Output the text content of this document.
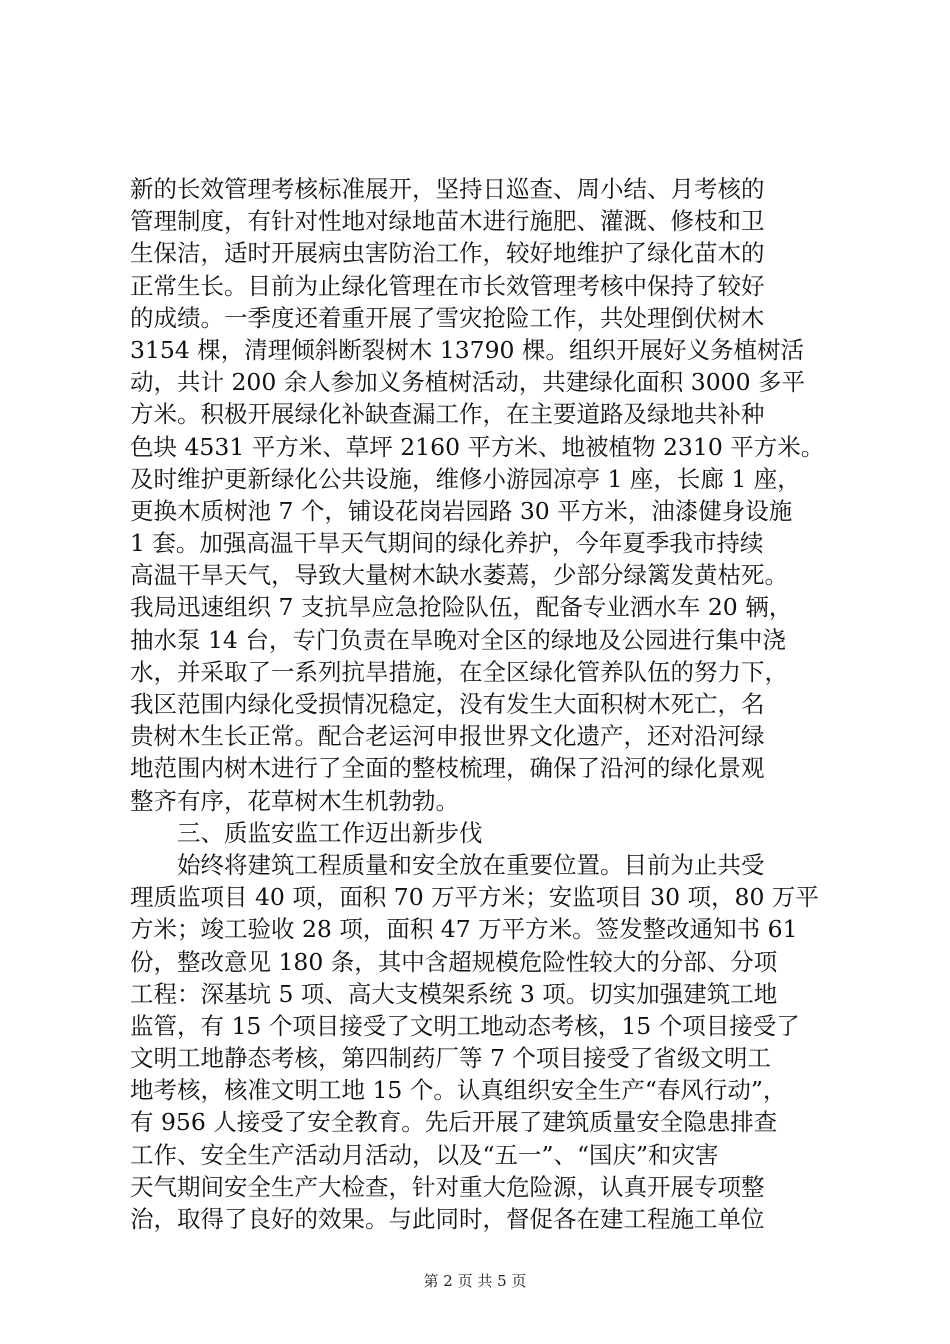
新的长效管理考核标准展开，坚持日巡查、周小结、月考核的
管理制度，有针对性地对绿地苗木进行施肥、灌溉、修枝和卫
生保洁，适时开展病虫害防治工作，较好地维护了绿化苗木的
正常生长。目前为止绿化管理在市长效管理考核中保持了较好
的成绩。一季度还着重开展了雪灾抢险工作，共处理倒伏树木
3154 棵，清理倾斜断裂树木 13790 棵。组织开展好义务植树活
动，共计 200 余人参加义务植树活动，共建绿化面积 3000 多平
方米。积极开展绿化补缺查漏工作，在主要道路及绿地共补种
色块 4531 平方米、草坪 2160 平方米、地被植物 2310 平方米。
及时维护更新绿化公共设施，维修小游园凉亭 1 座，长廊 1 座，
更换木质树池 7 个，铺设花岗岩园路 30 平方米，油漆健身设施
1 套。加强高温干旱天气期间的绿化养护，今年夏季我市持续
高温干旱天气，导致大量树木缺水萎蔫，少部分绿篱发黄枯死。
我局迅速组织 7 支抗旱应急抢险队伍，配备专业洒水车 20 辆，
抽水泵 14 台，专门负责在旱晚对全区的绿地及公园进行集中浇
水，并采取了一系列抗旱措施，在全区绿化管养队伍的努力下，
我区范围内绿化受损情况稳定，没有发生大面积树木死亡，名
贵树木生长正常。配合老运河申报世界文化遗产，还对沿河绿
地范围内树木进行了全面的整枝梳理，确保了沿河的绿化景观
整齐有序，花草树木生机勃勃。
　　三、质监安监工作迈出新步伐
　　始终将建筑工程质量和安全放在重要位置。目前为止共受
理质监项目 40 项，面积 70 万平方米；安监项目 30 项，80 万平
方米；竣工验收 28 项，面积 47 万平方米。签发整改通知书 61
份，整改意见 180 条，其中含超规模危险性较大的分部、分项
工程：深基坑 5 项、高大支模架系统 3 项。切实加强建筑工地
监管，有 15 个项目接受了文明工地动态考核，15 个项目接受了
文明工地静态考核，第四制药厂等 7 个项目接受了省级文明工
地考核，核准文明工地 15 个。认真组织安全生产“春风行动”，
有 956 人接受了安全教育。先后开展了建筑质量安全隐患排查
工作、安全生产活动月活动，以及“五一”、“国庆”和灾害
天气期间安全生产大检查，针对重大危险源，认真开展专项整
治，取得了良好的效果。与此同时，督促各在建工程施工单位
第 2 页 共 5 页
